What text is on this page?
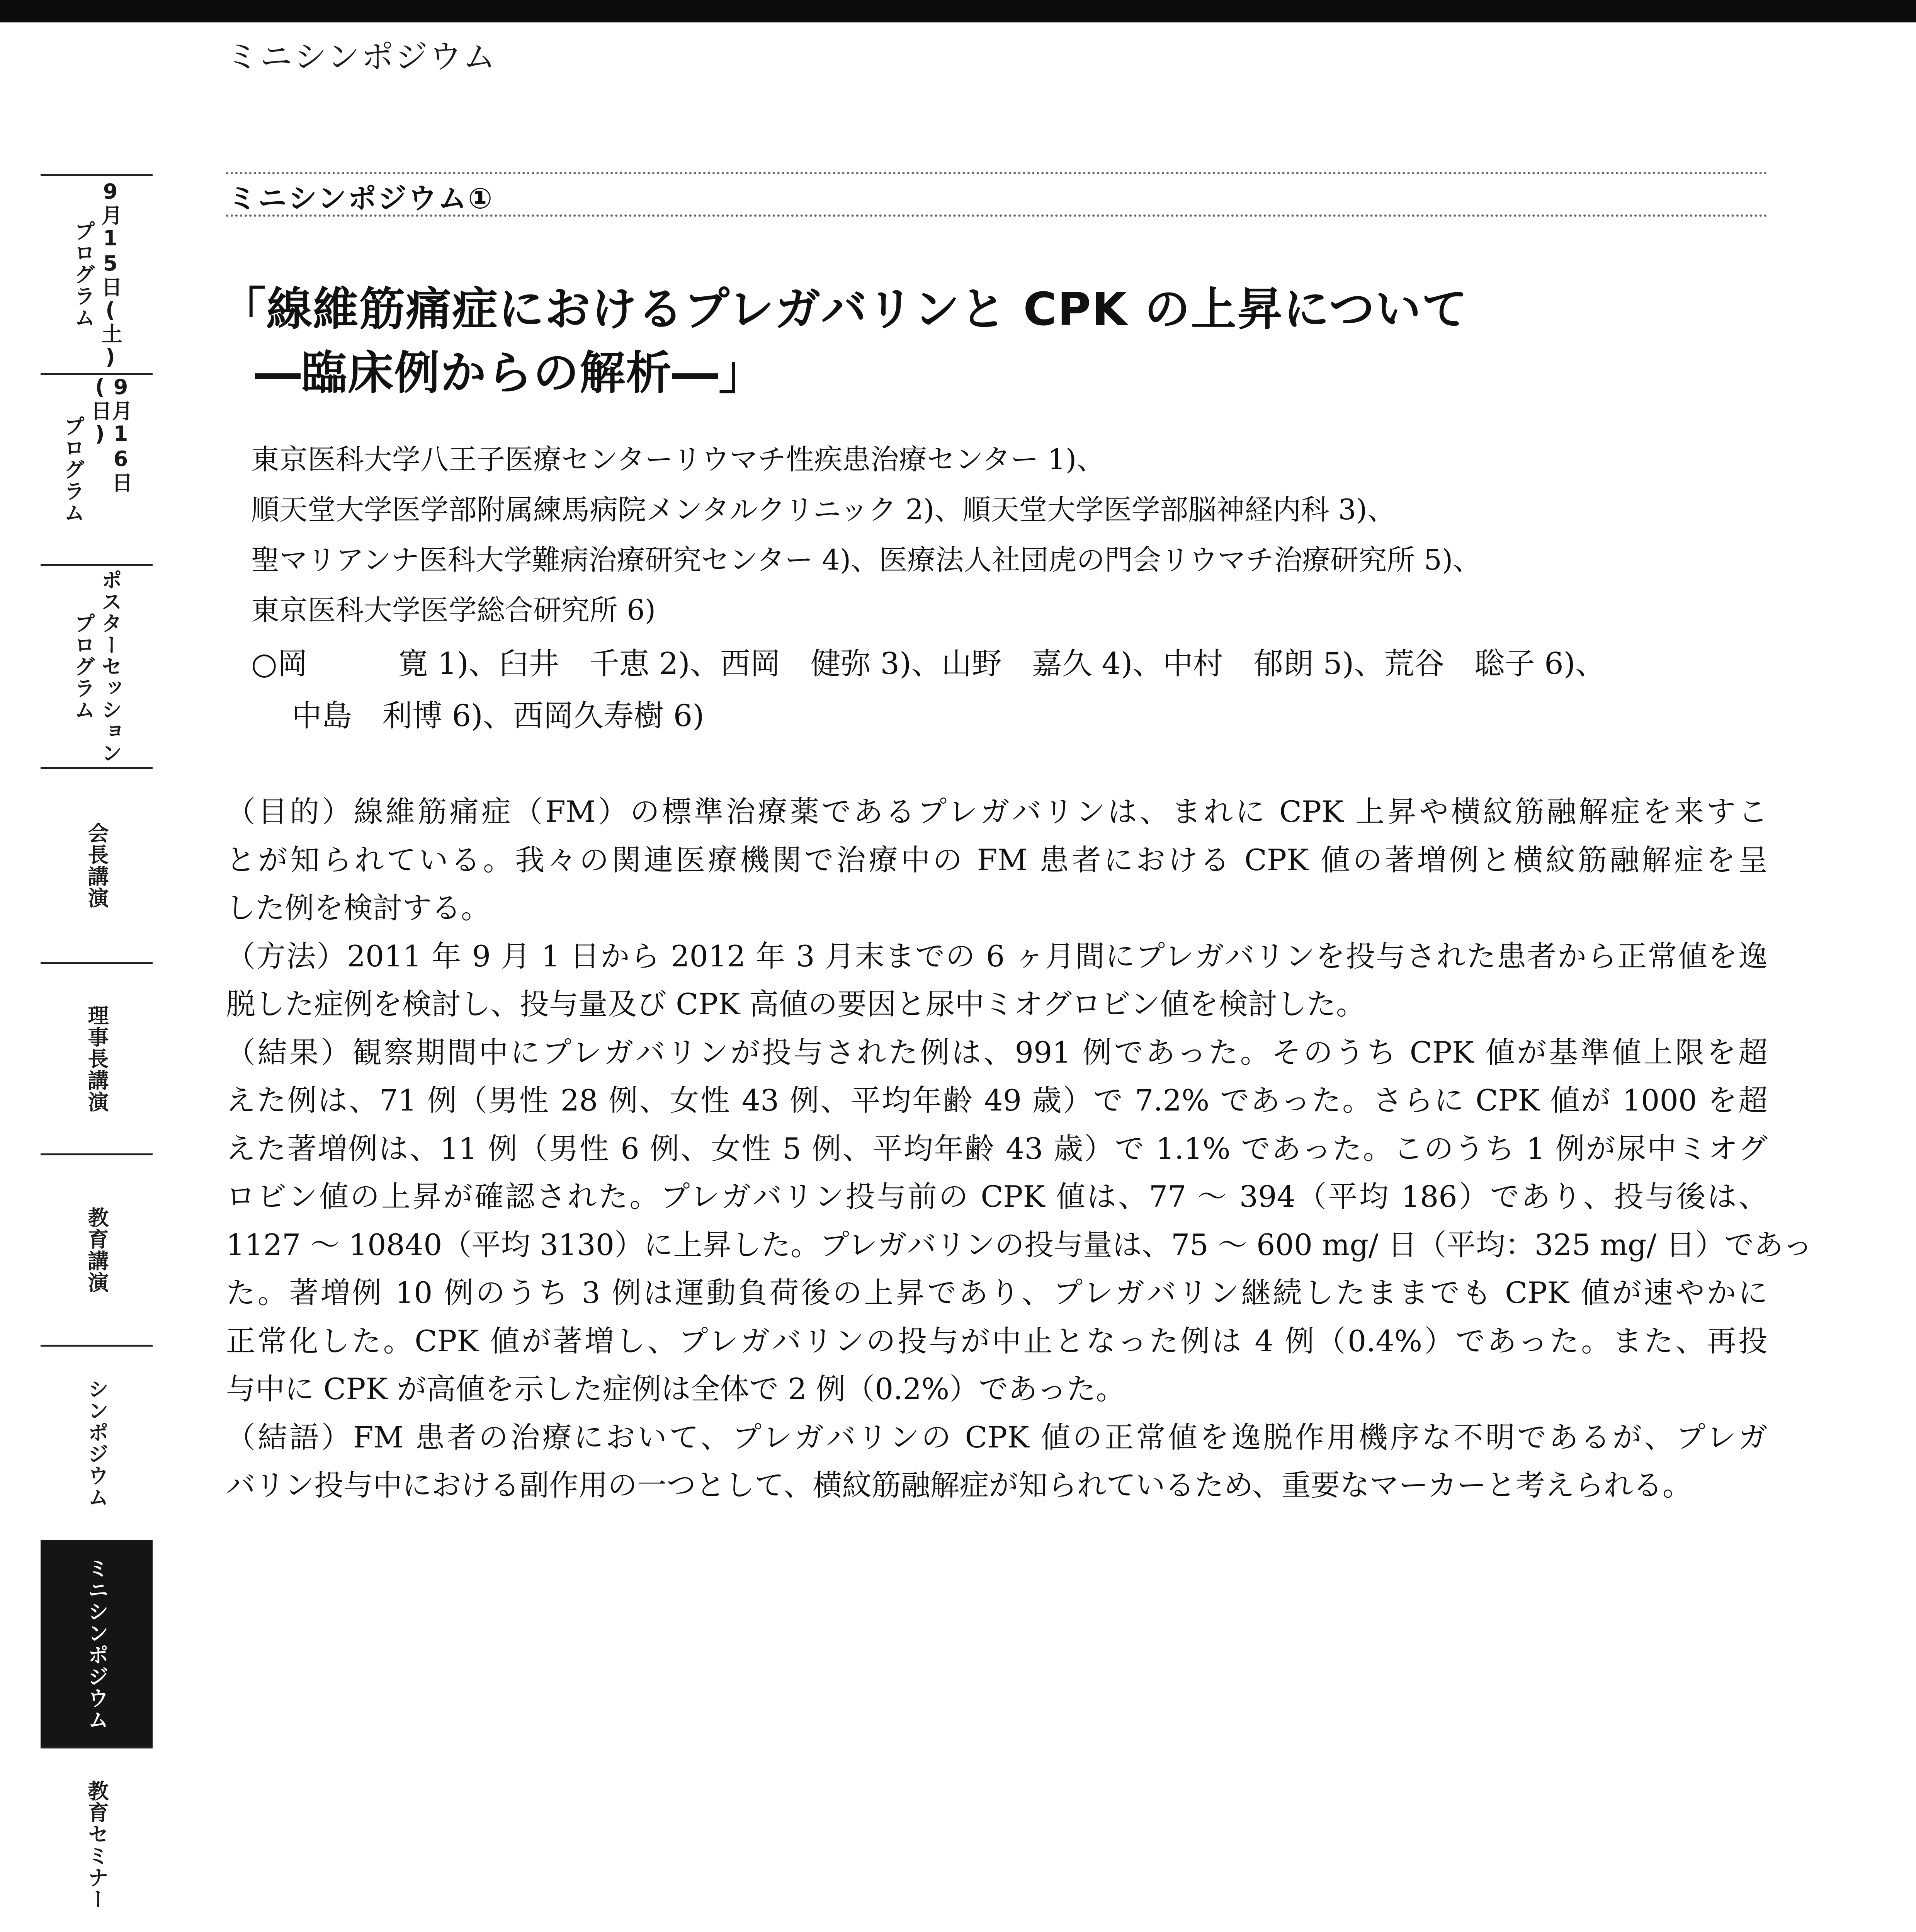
ミニシンポジウム
9月15日(土)
プログラム
9月16日(日)
プログラム
ポスターセッション
プログラム
会長講演
理事長講演
教育講演
シンポジウム
ミニシンポジウム
教育セミナー
ミニシンポジウム①
「線維筋痛症におけるプレガバリンと CPK の上昇について
―臨床例からの解析―」
東京医科大学八王子医療センターリウマチ性疾患治療センター 1)、
順天堂大学医学部附属練馬病院メンタルクリニック 2)、順天堂大学医学部脳神経内科 3)、
聖マリアンナ医科大学難病治療研究センター 4)、医療法人社団虎の門会リウマチ治療研究所 5)、
東京医科大学医学総合研究所 6)
○岡　　　寛 1)、臼井　千恵 2)、西岡　健弥 3)、山野　嘉久 4)、中村　郁朗 5)、荒谷　聡子 6)、
中島　利博 6)、西岡久寿樹 6)
（目的）線維筋痛症（FM）の標準治療薬であるプレガバリンは、まれに CPK 上昇や横紋筋融解症を来すこ
とが知られている。我々の関連医療機関で治療中の FM 患者における CPK 値の著増例と横紋筋融解症を呈
した例を検討する。
（方法）2011 年 9 月 1 日から 2012 年 3 月末までの 6 ヶ月間にプレガバリンを投与された患者から正常値を逸
脱した症例を検討し、投与量及び CPK 高値の要因と尿中ミオグロビン値を検討した。
（結果）観察期間中にプレガバリンが投与された例は、991 例であった。そのうち CPK 値が基準値上限を超
えた例は、71 例（男性 28 例、女性 43 例、平均年齢 49 歳）で 7.2% であった。さらに CPK 値が 1000 を超
えた著増例は、11 例（男性 6 例、女性 5 例、平均年齢 43 歳）で 1.1% であった。このうち 1 例が尿中ミオグ
ロビン値の上昇が確認された。プレガバリン投与前の CPK 値は、77 ～ 394（平均 186）であり、投与後は、
1127 ～ 10840（平均 3130）に上昇した。プレガバリンの投与量は、75 ～ 600 mg/ 日（平均：325 mg/ 日）であっ
た。著増例 10 例のうち 3 例は運動負荷後の上昇であり、プレガバリン継続したままでも CPK 値が速やかに
正常化した。CPK 値が著増し、プレガバリンの投与が中止となった例は 4 例（0.4%）であった。また、再投
与中に CPK が高値を示した症例は全体で 2 例（0.2%）であった。
（結語）FM 患者の治療において、プレガバリンの CPK 値の正常値を逸脱作用機序な不明であるが、プレガ
バリン投与中における副作用の一つとして、横紋筋融解症が知られているため、重要なマーカーと考えられる。
